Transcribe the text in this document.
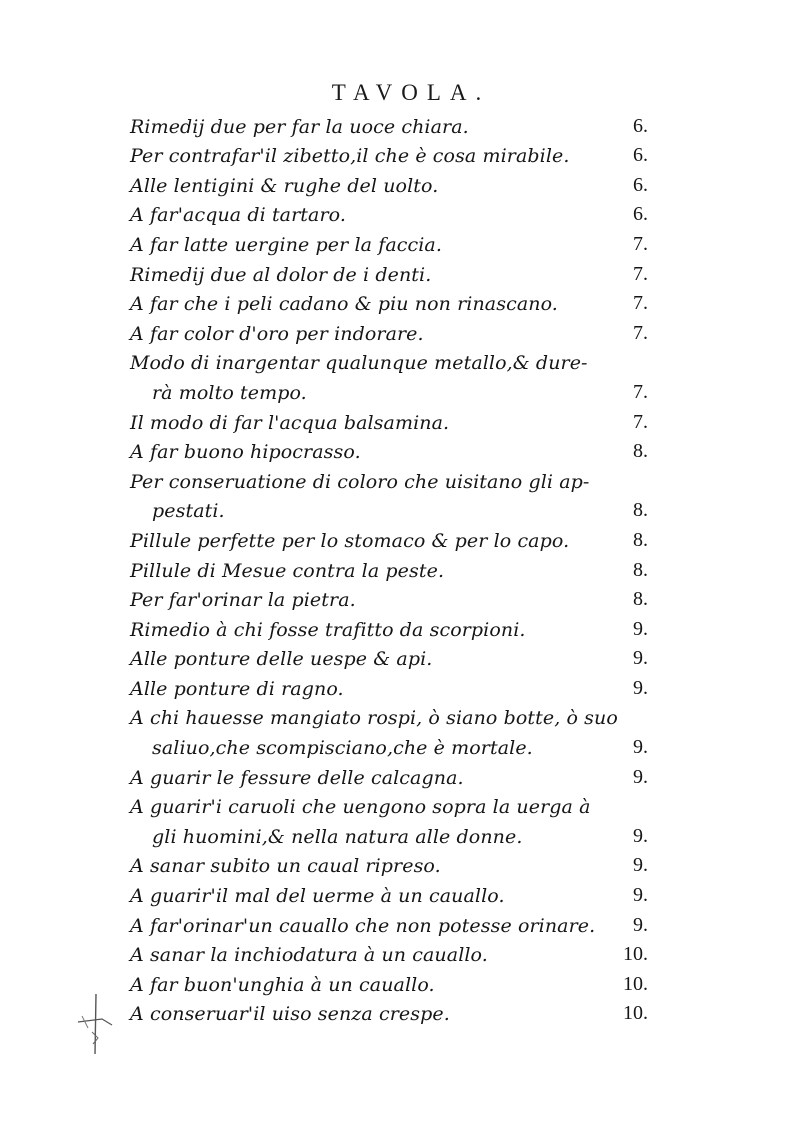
TAVOLA.
Rimedij due per far la uoce chiara.	6.
Per contrafar'il zibetto,il che è cosa mirabile.	6.
Alle lentigini & rughe del uolto.	6.
A far'acqua di tartaro.	6.
A far latte uergine per la faccia.	7.
Rimedij due al dolor de i denti.	7.
A far che i peli cadano & piu non rinascano.	7.
A far color d'oro per indorare.	7.
Modo di inargentar qualunque metallo,& dure-
rà molto tempo.	7.
Il modo di far l'acqua balsamina.	7.
A far buono hipocrasso.	8.
Per conseruatione di coloro che uisitano gli ap-
pestati.	8.
Pillule perfette per lo stomaco & per lo capo.	8.
Pillule di Mesue contra la peste.	8.
Per far'orinar la pietra.	8.
Rimedio à chi fosse trafitto da scorpioni.	9.
Alle ponture delle uespe & api.	9.
Alle ponture di ragno.	9.
A chi hauesse mangiato rospi, ò siano botte, ò suo
saliuo,che scompisciano,che è mortale.	9.
A guarir le fessure delle calcagna.	9.
A guarir'i caruoli che uengono sopra la uerga à
gli huomini,& nella natura alle donne.	9.
A sanar subito un caual ripreso.	9.
A guarir'il mal del uerme à un cauallo.	9.
A far'orinar'un cauallo che non potesse orinare. 9.
A sanar la inchiodatura à un cauallo.	10.
A far buon'unghia à un cauallo.	10.
A conseruar'il uiso senza crespe.	10.
